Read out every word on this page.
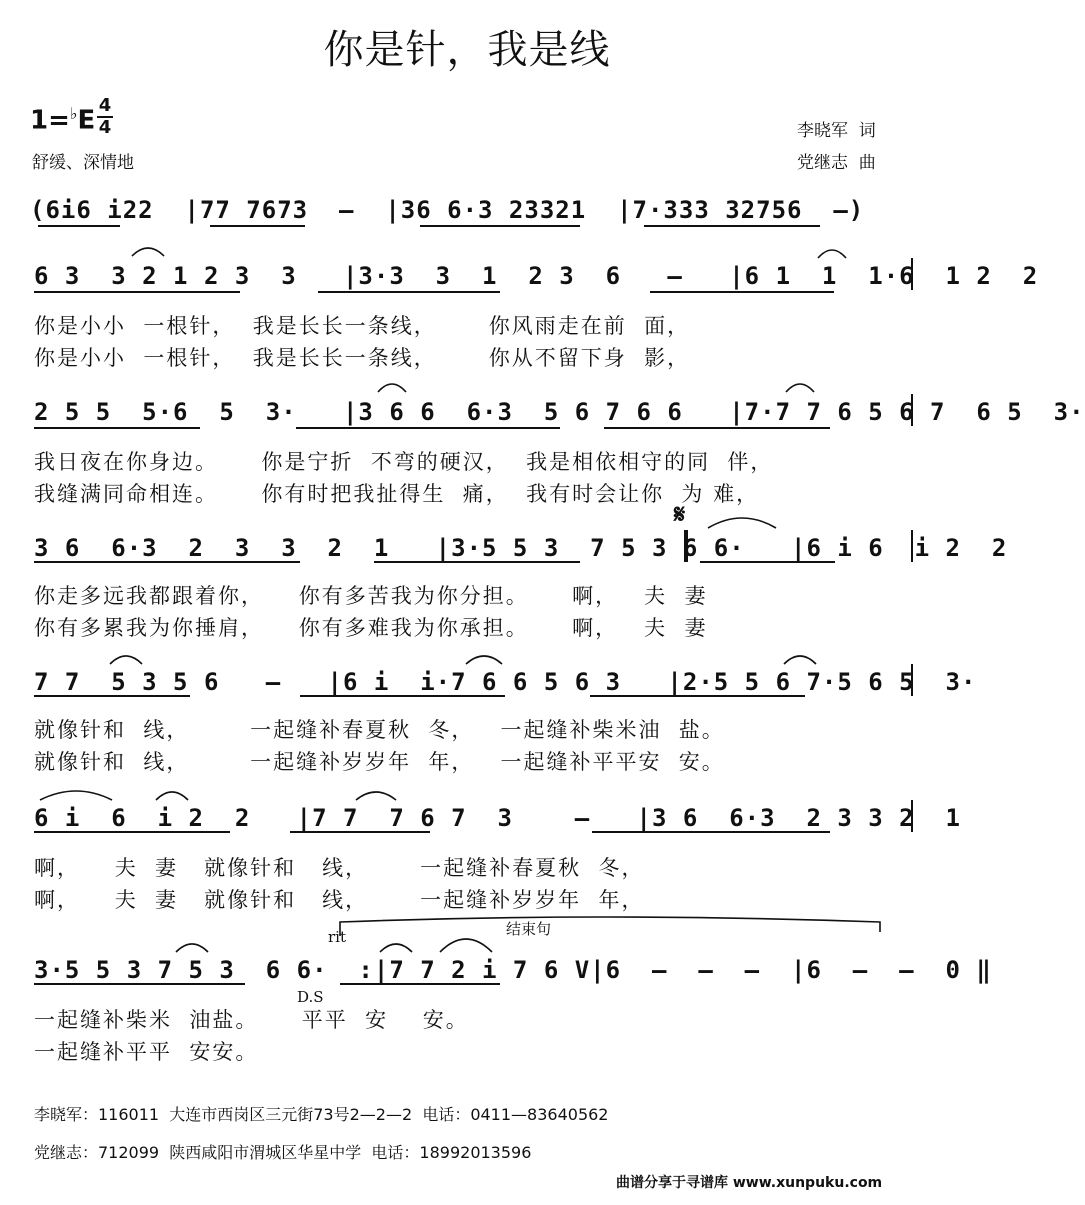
你是针，我是线
1=♭E
4
4
舒缓、深情地
李晓军  词
党继志  曲
(6i6 i22  |77 7673  –  |36 6·3 23321  |7·333 32756  –)
6 3  3 2 1 2 3  3   |3·3  3  1  2 3  6   –   |6 1  1  1·6  1 2  2
你是小小  一根针，  我是长长一条线，      你风雨走在前  面，
你是小小  一根针，  我是长长一条线，      你从不留下身  影，
2 5 5  5·6  5  3·   |3 6 6  6·3  5 6 7 6 6   |7·7 7 6 5 6 7  6 5  3·
我日夜在你身边。     你是宁折  不弯的硬汉，  我是相依相守的同  伴，
我缝满同命相连。     你有时把我扯得生  痛，  我有时会让你  为 难，
𝄋
3 6  6·3  2  3  3  2  1   |3·5 5 3  7 5 3 6 6·   |6 i 6  i 2  2
你走多远我都跟着你，    你有多苦我为你分担。     啊，   夫  妻
你有多累我为你捶肩，    你有多难我为你承担。     啊，   夫  妻
7 7  5 3 5 6   –   |6 i  i·7 6 6 5 6 3   |2·5 5 6 7·5 6 5  3·
就像针和  线，       一起缝补春夏秋  冬，   一起缝补柴米油  盐。
就像针和  线，       一起缝补岁岁年  年，   一起缝补平平安  安。
6 i  6  i 2  2   |7 7  7 6 7  3    –   |3 6  6·3  2 3 3 2  1
啊，    夫  妻   就像针和   线，      一起缝补春夏秋  冬，
啊，    夫  妻   就像针和   线，      一起缝补岁岁年  年，
rit	结束句
3·5 5 3 7 5 3  6 6·  :|7 7 2 i 7 6 V|6  –  –  –  |6  –  –  0 ‖
D.S
一起缝补柴米  油盐。     平平  安    安。
一起缝补平平  安安。
李晓军：116011  大连市西岗区三元街73号2—2—2  电话：0411—83640562
党继志：712099  陕西咸阳市渭城区华星中学  电话：18992013596
曲谱分享于寻谱库 www.xunpuku.com
